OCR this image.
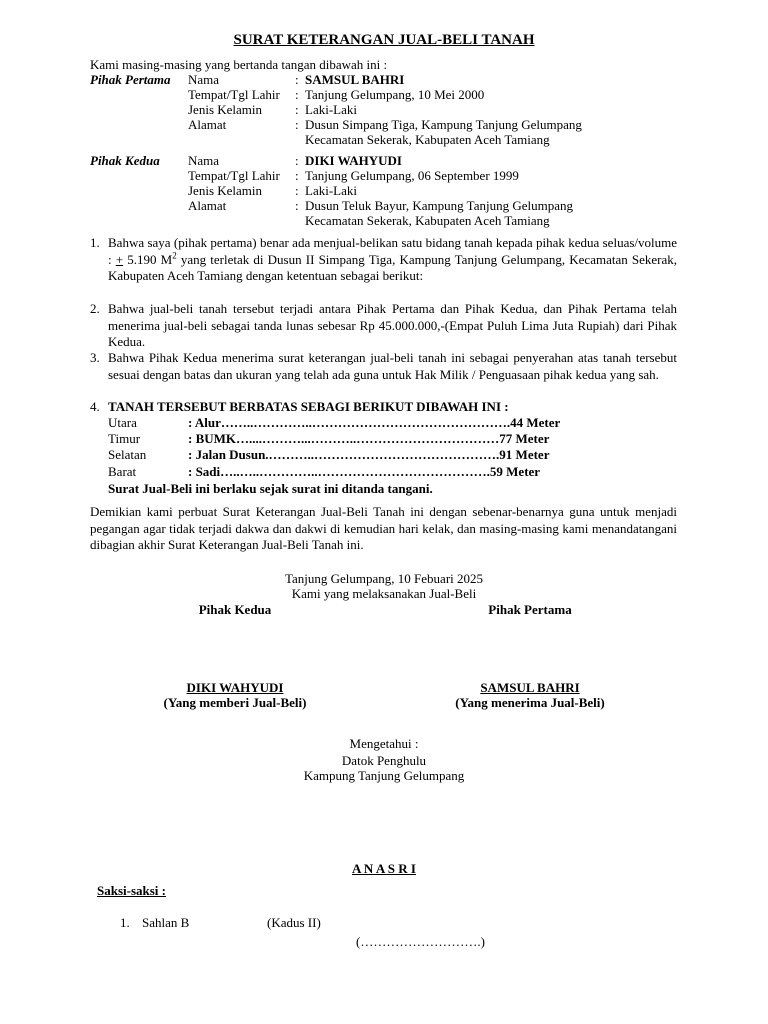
SURAT KETERANGAN JUAL-BELI TANAH
Kami masing-masing yang bertanda tangan dibawah ini :
Pihak Pertama	Nama	:	SAMSUL BAHRI
	Tempat/Tgl Lahir	:	Tanjung Gelumpang, 10 Mei 2000
	Jenis Kelamin	:	Laki-Laki
	Alamat	:	Dusun Simpang Tiga, Kampung Tanjung Gelumpang
			Kecamatan Sekerak, Kabupaten Aceh Tamiang
Pihak Kedua	Nama	:	DIKI WAHYUDI
	Tempat/Tgl Lahir	:	Tanjung Gelumpang, 06 September 1999
	Jenis Kelamin	:	Laki-Laki
	Alamat	:	Dusun Teluk Bayur, Kampung Tanjung Gelumpang
			Kecamatan Sekerak, Kabupaten Aceh Tamiang
1. Bahwa saya (pihak pertama) benar ada menjual-belikan satu bidang tanah kepada pihak kedua seluas/volume : + 5.190 $M^2$ yang terletak di Dusun II Simpang Tiga, Kampung Tanjung Gelumpang, Kecamatan Sekerak, Kabupaten Aceh Tamiang dengan ketentuan sebagai berikut:
2. Bahwa jual-beli tanah tersebut terjadi antara Pihak Pertama dan Pihak Kedua, dan Pihak Pertama telah menerima jual-beli sebagai tanda lunas sebesar Rp 45.000.000,-(Empat Puluh Lima Juta Rupiah) dari Pihak Kedua.
3. Bahwa Pihak Kedua menerima surat keterangan jual-beli tanah ini sebagai penyerahan atas tanah tersebut sesuai dengan batas dan ukuran yang telah ada guna untuk Hak Milik / Penguasaan pihak kedua yang sah.
4. TANAH TERSEBUT BERBATAS SEBAGI BERIKUT DIBAWAH INI :
Utara	: Alur……..…………..……………………………………….44 Meter
Timur	: BUMK…....………...………..……………………………77 Meter
Selatan	: Jalan Dusun.………..…………………………………….91 Meter
Barat	: Sadi…..…..…………..………………………………….59 Meter
Surat Jual-Beli ini berlaku sejak surat ini ditanda tangani.
Demikian kami perbuat Surat Keterangan Jual-Beli Tanah ini dengan sebenar-benarnya guna untuk menjadi pegangan agar tidak terjadi dakwa dan dakwi di kemudian hari kelak, dan masing-masing kami menandatangani dibagian akhir Surat Keterangan Jual-Beli Tanah ini.
Tanjung Gelumpang, 10 Febuari 2025
Kami yang melaksanakan Jual-Beli
Pihak Kedua	Pihak Pertama
DIKI WAHYUDI
(Yang memberi Jual-Beli)
SAMSUL BAHRI
(Yang menerima Jual-Beli)
Mengetahui :
Datok Penghulu
Kampung Tanjung Gelumpang
A N A S R I
Saksi-saksi :
1. Sahlan B	(Kadus II)
(……………………….)
